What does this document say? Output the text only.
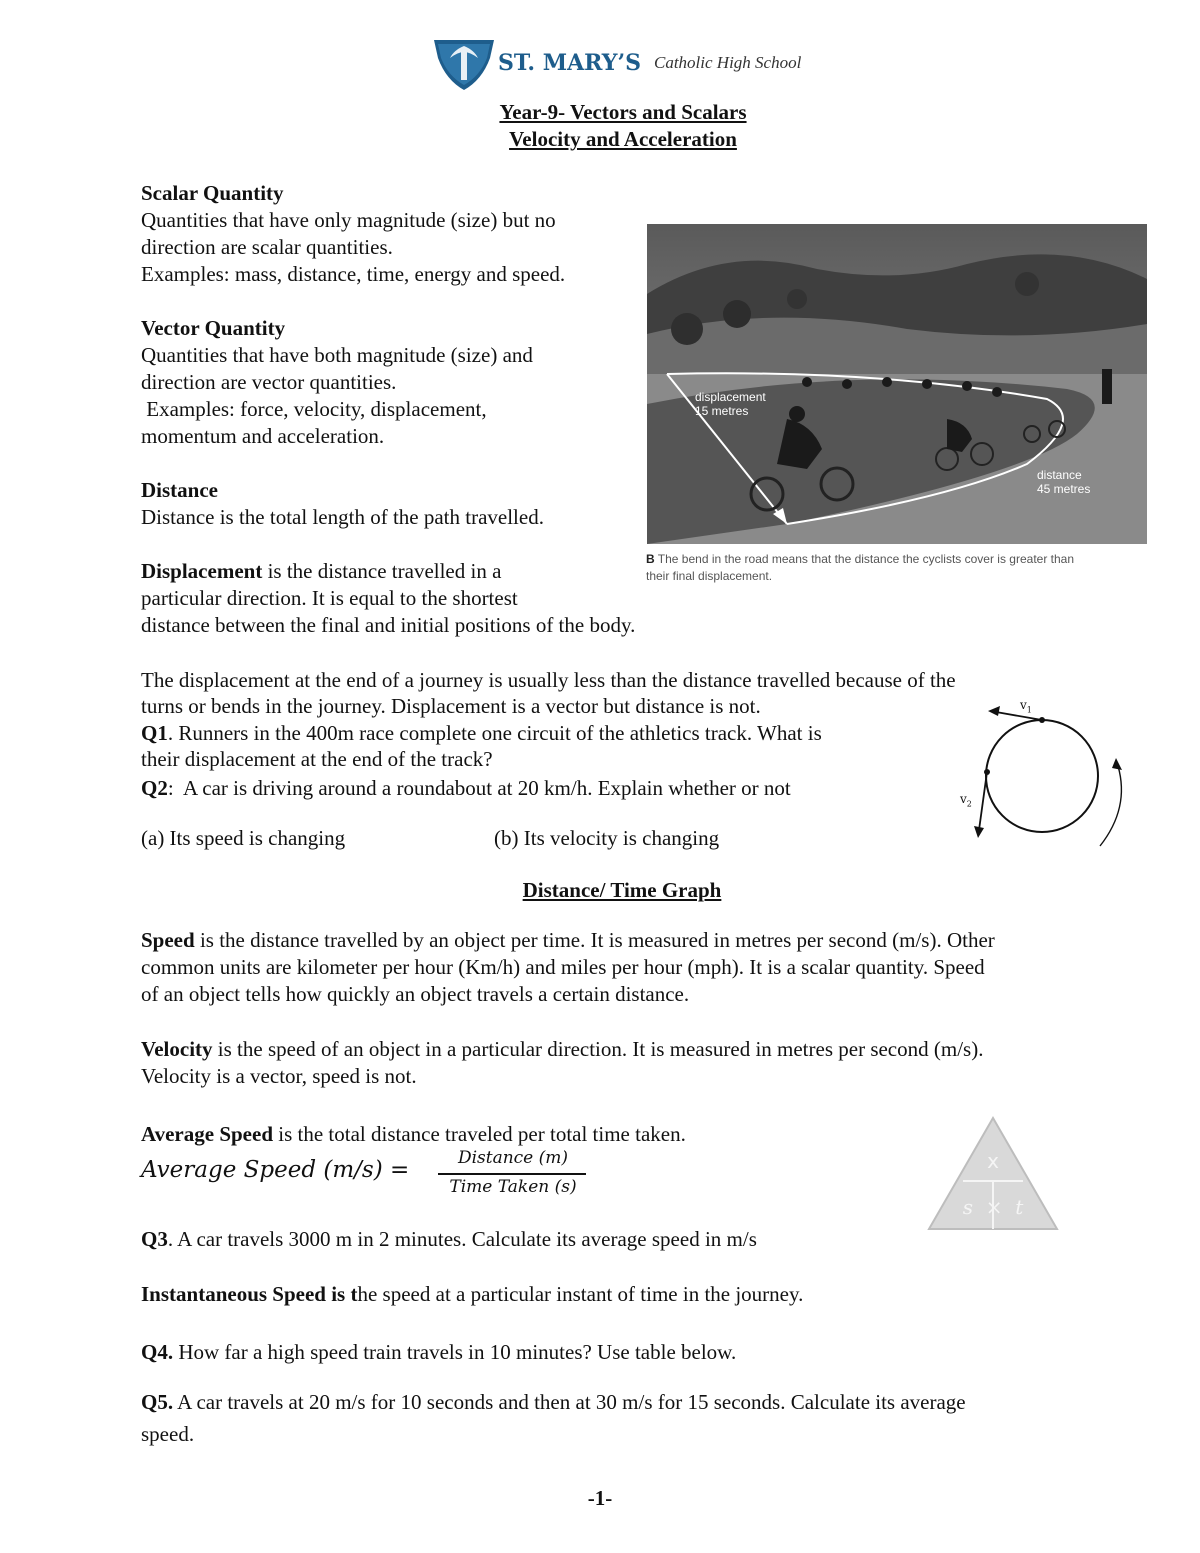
ST. MARY’S Catholic High School
Year-9- Vectors and Scalars
Velocity and Acceleration
Scalar Quantity
Quantities that have only magnitude (size) but no
direction are scalar quantities.
Examples: mass, distance, time, energy and speed.
Vector Quantity
Quantities that have both magnitude (size) and
direction are vector quantities.
Examples: force, velocity, displacement,
momentum and acceleration.
Distance
Distance is the total length of the path travelled.
Displacement is the distance travelled in a
particular direction. It is equal to the shortest
distance between the final and initial positions of the body.
displacement
15 metres
distance
45 metres
B The bend in the road means that the distance the cyclists cover is greater than
their final displacement.
The displacement at the end of a journey is usually less than the distance travelled because of the
turns or bends in the journey. Displacement is a vector but distance is not.
Q1. Runners in the 400m race complete one circuit of the athletics track. What is
their displacement at the end of the track?
Q2:  A car is driving around a roundabout at 20 km/h. Explain whether or not
(a) Its speed is changing	(b) Its velocity is changing
$v_1$
$v_2$
Distance/ Time Graph
Speed is the distance travelled by an object per time. It is measured in metres per second (m/s). Other
common units are kilometer per hour (Km/h) and miles per hour (mph). It is a scalar quantity. Speed
of an object tells how quickly an object travels a certain distance.
Velocity is the speed of an object in a particular direction. It is measured in metres per second (m/s).
Velocity is a vector, speed is not.
Average Speed is the total distance traveled per total time taken.
Average Speed (m/s) =	Distance (m)
Time Taken (s)
x
s  ×  t
Q3. A car travels 3000 m in 2 minutes. Calculate its average speed in m/s
Instantaneous Speed is the speed at a particular instant of time in the journey.
Q4. How far a high speed train travels in 10 minutes? Use table below.
Q5. A car travels at 20 m/s for 10 seconds and then at 30 m/s for 15 seconds. Calculate its average
speed.
-1-
